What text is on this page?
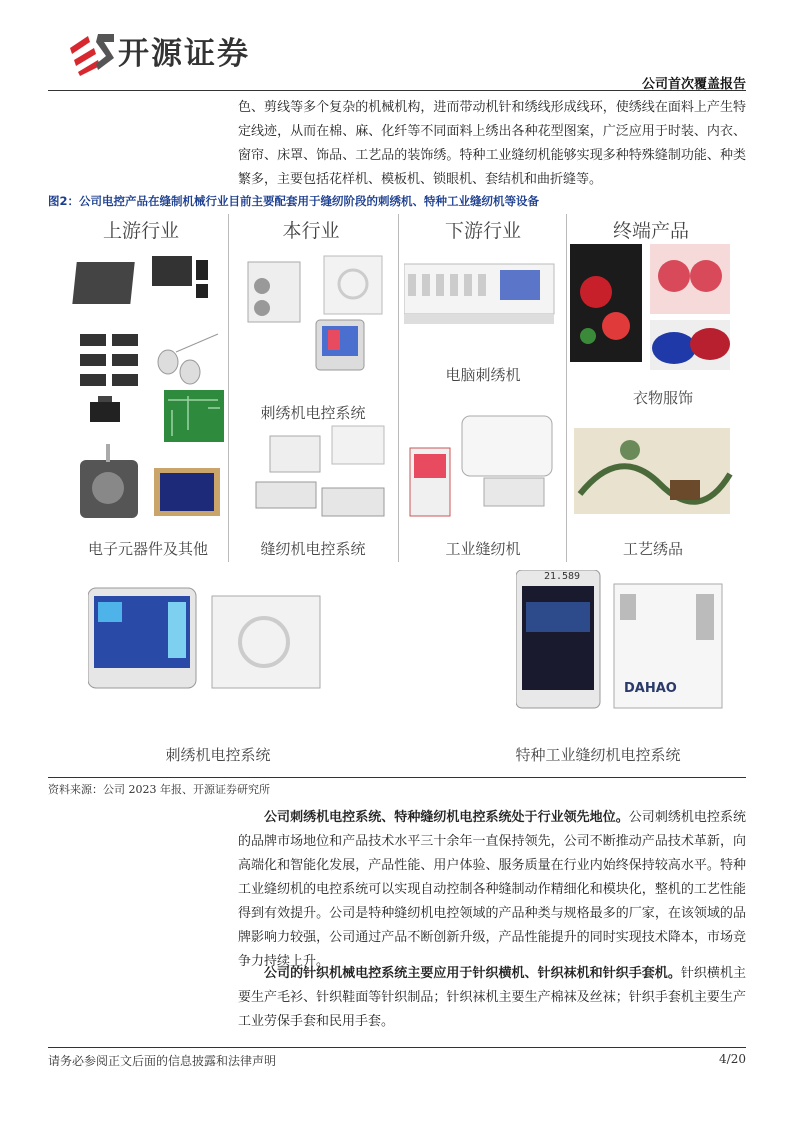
开源证券
公司首次覆盖报告
色、剪线等多个复杂的机械机构，进而带动机针和绣线形成线环，使绣线在面料上产生特定线迹，从而在棉、麻、化纤等不同面料上绣出各种花型图案，广泛应用于时装、内衣、窗帘、床罩、饰品、工艺品的装饰绣。特种工业缝纫机能够实现多种特殊缝制功能、种类繁多，主要包括花样机、模板机、锁眼机、套结机和曲折缝等。
图2：公司电控产品在缝制机械行业目前主要配套用于缝纫阶段的刺绣机、特种工业缝纫机等设备
上游行业	本行业	下游行业	终端产品
电子元器件及其他
刺绣机电控系统
缝纫机电控系统
电脑刺绣机
工业缝纫机
衣物服饰
工艺绣品
21.589
DAHAO
刺绣机电控系统	特种工业缝纫机电控系统
资料来源：公司 2023 年报、开源证券研究所
公司刺绣机电控系统、特种缝纫机电控系统处于行业领先地位。公司刺绣机电控系统的品牌市场地位和产品技术水平三十余年一直保持领先，公司不断推动产品技术革新，向高端化和智能化发展，产品性能、用户体验、服务质量在行业内始终保持较高水平。特种工业缝纫机的电控系统可以实现自动控制各种缝制动作精细化和模块化，整机的工艺性能得到有效提升。公司是特种缝纫机电控领域的产品种类与规格最多的厂家，在该领域的品牌影响力较强，公司通过产品不断创新升级，产品性能提升的同时实现技术降本，市场竞争力持续上升。
公司的针织机械电控系统主要应用于针织横机、针织袜机和针织手套机。针织横机主要生产毛衫、针织鞋面等针织制品；针织袜机主要生产棉袜及丝袜；针织手套机主要生产工业劳保手套和民用手套。
请务必参阅正文后面的信息披露和法律声明	4/20
